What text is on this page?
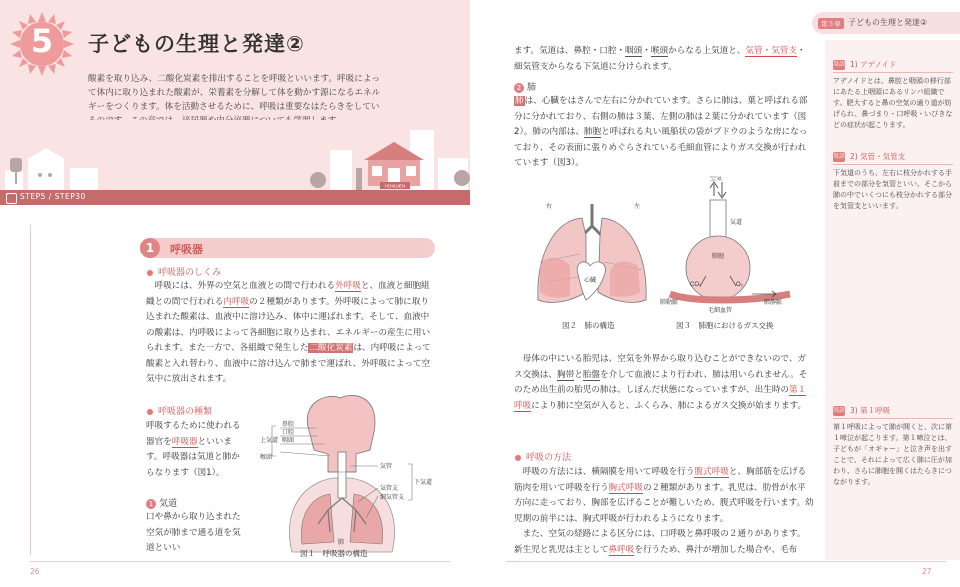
5	子どもの生理と発達②

酸素を取り込み、二酸化炭素を排出することを呼吸といいます。呼吸によって体内に取り込まれた酸素が、栄養素を分解して体を動かす源になるエネルギーをつくります。体を活動させるために、呼吸は重要なはたらきをしてい

HOIKUEN
STEP5 / STEP30
1	呼吸器
呼吸器のしくみ

　呼吸には、外界の空気と血液との間で行われる外呼吸と、血液と細胞組織との間で行われる内呼吸の２種類があります。外呼吸によって肺に取り込まれた酸素は、血液中に溶け込み、体中に運ばれます。そして、血液中の酸素は、内呼吸によって各細胞に取り込まれ、エネルギーの産生に用いられます。また一方で、各組織で発生した二酸化炭素は、内呼吸によって酸素と入れ替わり、血液中に溶け込んで肺まで運ばれ、外呼吸によって空気中に放出されます。

呼吸器の種類

呼吸するために使われる器官を呼吸器といいます。呼吸器は気道と肺からなります（図1）。

1 気道

口や鼻から取り込まれた空気が肺まで通る道を気道といい

上気道
鼻腔
口腔
咽頭
喉頭
気管
気管支
細気管支
下気道
肺
図１　呼吸器の構造
26
第５章 子どもの生理と発達②

ます。気道は、鼻腔・口腔・咽頭・喉頭からなる上気道と、気管・気管支・細気管支からなる下気道に分けられます。

2 肺

肺は、心臓をはさんで左右に分かれています。さらに肺は、葉と呼ばれる部分に分かれており、右側の肺は３葉、左側の肺は２葉に分かれています（図2）。肺の内部は、肺胞と呼ばれる丸い風船状の袋がブドウのような房になっており、その表面に張りめぐらされている毛細血管によりガス交換が行われています（図3）。

右	左
心臓
図２　肺の構造
空気
気道
肺胞
CO₂	O₂
肺動脈
毛細血管
肺静脈
図３　肺胞におけるガス交換

　母体の中にいる胎児は、空気を外界から取り込むことができないので、ガス交換は、胸帯と胎盤を介して血液により行われ、肺は用いられません。そのため出生前の胎児の肺は、しぼんだ状態になっていますが、出生時の第１呼吸により肺に空気が入ると、ふくらみ、肺によるガス交換が始まります。

呼吸の方法

　呼吸の方法には、横隔膜を用いて呼吸を行う腹式呼吸と、胸部筋を広げる筋肉を用いて呼吸を行う胸式呼吸の２種類があります。乳児は、肋骨が水平方向に走っており、胸部を広げることが難しいため、腹式呼吸を行います。幼児期の前半には、胸式呼吸が行われるようになります。

　また、空気の経路による区分には、口呼吸と鼻呼吸の２通りがあります。新生児と乳児は主として鼻呼吸を行うため、鼻汁が増加した場合や、毛布

用語 1) アデノイド

アデノイドとは、鼻腔と咽頭の移行部にあたる上咽頭にあるリンパ組織です。肥大すると鼻の空気の通り道が妨げられ、鼻づまり・口呼吸・いびきなどの症状が起こります。

用語 2) 気管・気管支

下気道のうち、左右に枝分かれする手前までの部分を気管といい、そこから肺の中でいくつにも枝分かれする部分を気管支といいます。

用語 3) 第１呼吸

第１呼吸によって肺が開くと、次に第１啼泣が起こります。第１啼泣とは、子どもが「オギャー」と泣き声を出すことで、それによって広く肺に圧が加わり、さらに肺胞を開くはたらきにつながります。

27
